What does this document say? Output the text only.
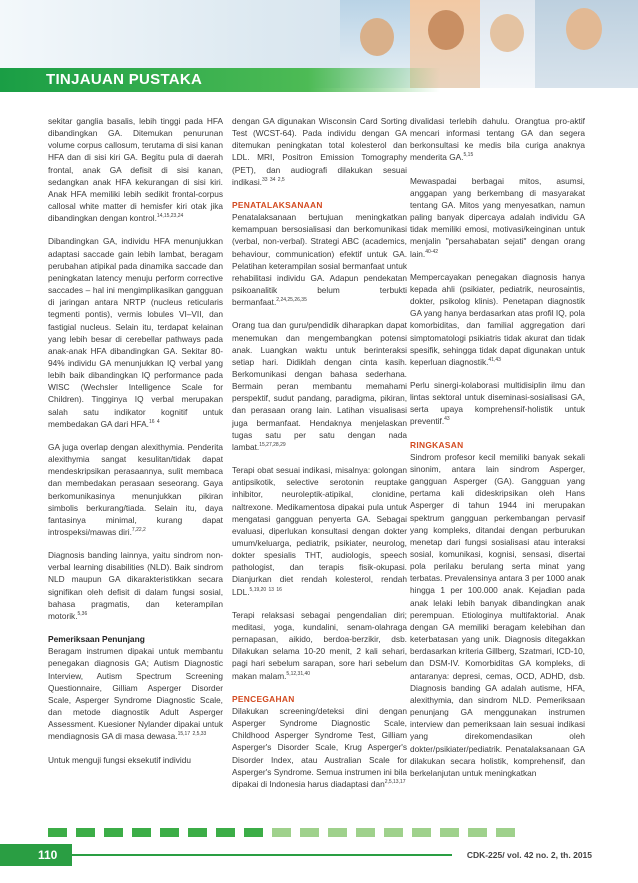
TINJAUAN PUSTAKA

sekitar ganglia basalis, lebih tinggi pada HFA dibandingkan GA. Ditemukan penurunan volume corpus callosum, terutama di sisi kanan HFA dan di sisi kiri GA. Begitu pula di daerah frontal, anak GA defisit di sisi kanan, sedangkan anak HFA kekurangan di sisi kiri. Anak HFA memiliki lebih sedikit frontal-corpus callosal white matter di hemisfer kiri otak jika dibandingkan dengan kontrol.$^{14,15,23,24}$

Dibandingkan GA, individu HFA menunjukkan adaptasi saccade gain lebih lambat, beragam perubahan atipikal pada dinamika saccade dan peningkatan latency menuju perform corrective saccades – hal ini mengimplikasikan gangguan di jaringan antara NRTP (nucleus reticularis tegmenti pontis), vermis lobules VI–VII, dan fastigial nucleus. Selain itu, terdapat kelainan yang lebih besar di cerebellar pathways pada anak-anak HFA dibandingkan GA. Sekitar 80-94% individu GA menunjukkan IQ verbal yang lebih baik dibandingkan IQ performance pada WISC (Wechsler Intelligence Scale for Children). Tingginya IQ verbal merupakan salah satu indikator kognitif untuk membedakan GA dari HFA.$^{16}$ $^4$

GA juga overlap dengan alexithymia. Penderita alexithymia sangat kesulitan/tidak dapat mendeskripsikan perasaannya, sulit membaca dan membedakan perasaan seseorang. Gaya berkomunikasinya menunjukkan pikiran simbolis berkurang/tiada. Selain itu, daya fantasinya minimal, kurang dapat introspeksi/mawas diri.$^{7,22,2}$

Diagnosis banding lainnya, yaitu sindrom non-verbal learning disabilities (NLD). Baik sindrom NLD maupun GA dikarakteristikkan secara signifikan oleh defisit di dalam fungsi sosial, bahasa pragmatis, dan keterampilan motorik.$^{5,36}$

Pemeriksaan Penunjang

Beragam instrumen dipakai untuk membantu penegakan diagnosis GA; Autism Diagnostic Interview, Autism Spectrum Screening Questionnaire, Gilliam Asperger Disorder Scale, Asperger Syndrome Diagnostic Scale, dan metode diagnostik Adult Asperger Assessment. Kuesioner Nylander dipakai untuk mendiagnosis GA di masa dewasa.$^{15,17}$ $^{2,5,33}$

Untuk menguji fungsi eksekutif individu

dengan GA digunakan Wisconsin Card Sorting Test (WCST-64). Pada individu dengan GA ditemukan peningkatan total kolesterol dan LDL. MRI, Positron Emission Tomography (PET), dan audiografi dilakukan sesuai indikasi.$^{33}$ $^{34}$ $^{2,5}$

PENATALAKSANAAN

Penatalaksanaan bertujuan meningkatkan kemampuan bersosialisasi dan berkomunikasi (verbal, non-verbal). Strategi ABC (academics, behaviour, communication) efektif untuk GA. Pelatihan keterampilan sosial bermanfaat untuk rehabilitasi individu GA. Adapun pendekatan psikoanalitik belum terbukti bermanfaat.$^{2,24,25,26,35}$

Orang tua dan guru/pendidik diharapkan dapat menemukan dan mengembangkan potensi anak. Luangkan waktu untuk berinteraksi setiap hari. Didiklah dengan cinta kasih. Berkomunikasi dengan bahasa sederhana. Bermain peran membantu memahami perspektif, sudut pandang, paradigma, pikiran, dan perasaan orang lain. Latihan visualisasi juga bermanfaat. Hendaknya menjelaskan tugas satu per satu dengan nada lambat.$^{15,27,28,29}$

Terapi obat sesuai indikasi, misalnya: golongan antipsikotik, selective serotonin reuptake inhibitor, neuroleptik-atipikal, clonidine, naltrexone. Medikamentosa dipakai pula untuk mengatasi gangguan penyerta GA. Sebagai evaluasi, diperlukan konsultasi dengan dokter umum/keluarga, pediatrik, psikiater, neurolog, dokter spesialis THT, audiologis, speech pathologist, dan terapis fisik-okupasi. Dianjurkan diet rendah kolesterol, rendah LDL.$^{5,19,20}$ $^{13}$ $^{16}$

Terapi relaksasi sebagai pengendalian diri; meditasi, yoga, kundalini, senam-olahraga pernapasan, aikido, berdoa-berzikir, dsb. Dilakukan selama 10-20 menit, 2 kali sehari, pagi hari sebelum sarapan, sore hari sebelum makan malam.$^{5,12,31,40}$

PENCEGAHAN

Dilakukan screening/deteksi dini dengan Asperger Syndrome Diagnostic Scale, Childhood Asperger Syndrome Test, Gilliam Asperger's Disorder Scale, Krug Asperger's Disorder Index, atau Australian Scale for Asperger's Syndrome. Semua instrumen ini bila dipakai di Indonesia harus diadaptasi dan$^{2,5,13,17}$

divalidasi terlebih dahulu. Orangtua pro-aktif mencari informasi tentang GA dan segera berkonsultasi ke medis bila curiga anaknya menderita GA.$^{5,15}$

Mewaspadai berbagai mitos, asumsi, anggapan yang berkembang di masyarakat tentang GA. Mitos yang menyesatkan, namun paling banyak dipercaya adalah individu GA tidak memiliki emosi, motivasi/keinginan untuk menjalin "persahabatan sejati" dengan orang lain.$^{40-42}$

Mempercayakan penegakan diagnosis hanya kepada ahli (psikiater, pediatrik, neurosaintis, dokter, psikolog klinis). Penetapan diagnostik GA yang hanya berdasarkan atas profil IQ, pola komorbiditas, dan familial aggregation dari simptomatologi psikiatris tidak akurat dan tidak spesifik, sehingga tidak dapat digunakan untuk keperluan diagnostik.$^{41,43}$

Perlu sinergi-kolaborasi multidisiplin ilmu dan lintas sektoral untuk diseminasi-sosialisasi GA, serta upaya komprehensif-holistik untuk preventif.$^{43}$

RINGKASAN

Sindrom profesor kecil memiliki banyak sekali sinonim, antara lain sindrom Asperger, gangguan Asperger (GA). Gangguan yang pertama kali dideskripsikan oleh Hans Asperger di tahun 1944 ini merupakan spektrum gangguan perkembangan pervasif yang kompleks, ditandai dengan perburukan menetap dari fungsi sosialisasi atau interaksi sosial, komunikasi, kognisi, sensasi, disertai pola perilaku berulang serta minat yang terbatas. Prevalensinya antara 3 per 1000 anak hingga 1 per 100.000 anak. Kejadian pada anak lelaki lebih banyak dibandingkan anak perempuan. Etiologinya multifaktorial. Anak dengan GA memiliki beragam kelebihan dan keterbatasan yang unik. Diagnosis ditegakkan berdasarkan kriteria Gillberg, Szatmari, ICD-10, dan DSM-IV. Komorbiditas GA kompleks, di antaranya: depresi, cemas, OCD, ADHD, dsb. Diagnosis banding GA adalah autisme, HFA, alexithymia, dan sindrom NLD. Pemeriksaan penunjang GA menggunakan instrumen interview dan pemeriksaan lain sesuai indikasi yang direkomendasikan oleh dokter/psikiater/pediatrik. Penatalaksanaan GA dilakukan secara holistik, komprehensif, dan berkelanjutan untuk meningkatkan

110	CDK-225/ vol. 42 no. 2, th. 2015
